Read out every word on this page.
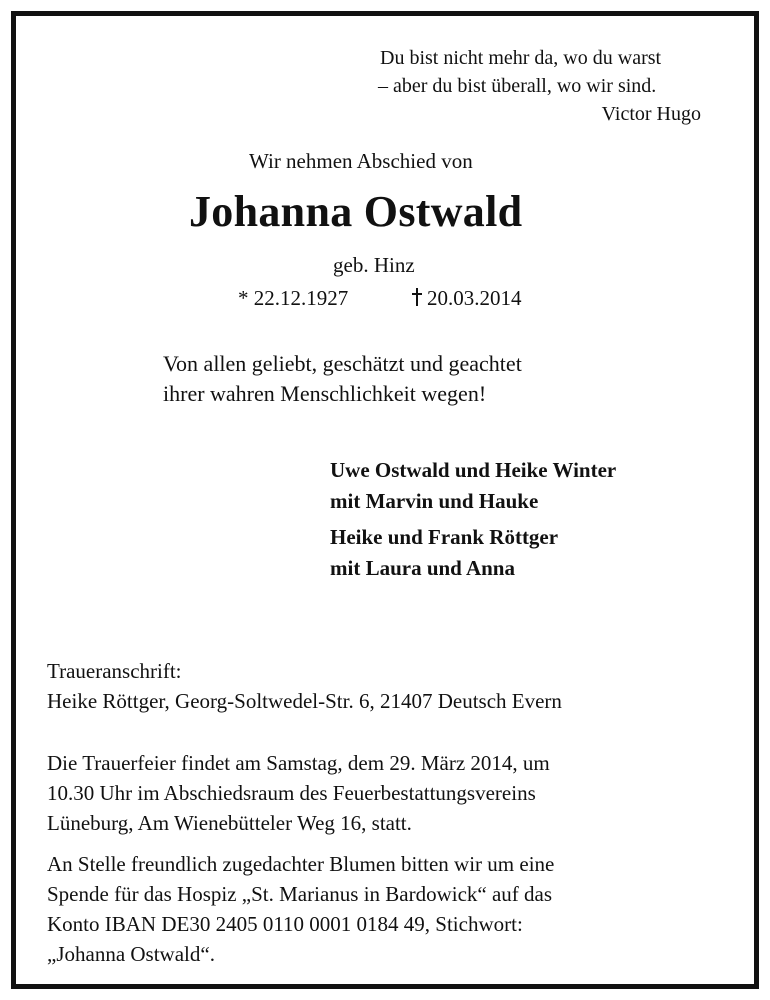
Du bist nicht mehr da, wo du warst
– aber du bist überall, wo wir sind.
Victor Hugo
Wir nehmen Abschied von
Johanna Ostwald
geb. Hinz
* 22.12.1927	20.03.2014
Von allen geliebt, geschätzt und geachtet
ihrer wahren Menschlichkeit wegen!
Uwe Ostwald und Heike Winter
mit Marvin und Hauke
Heike und Frank Röttger
mit Laura und Anna
Traueranschrift:
Heike Röttger, Georg-Soltwedel-Str. 6, 21407 Deutsch Evern
Die Trauerfeier findet am Samstag, dem 29. März 2014, um
10.30 Uhr im Abschiedsraum des Feuerbestattungsvereins
Lüneburg, Am Wienebütteler Weg 16, statt.
An Stelle freundlich zugedachter Blumen bitten wir um eine
Spende für das Hospiz „St. Marianus in Bardowick“ auf das
Konto IBAN DE30 2405 0110 0001 0184 49, Stichwort:
„Johanna Ostwald“.
